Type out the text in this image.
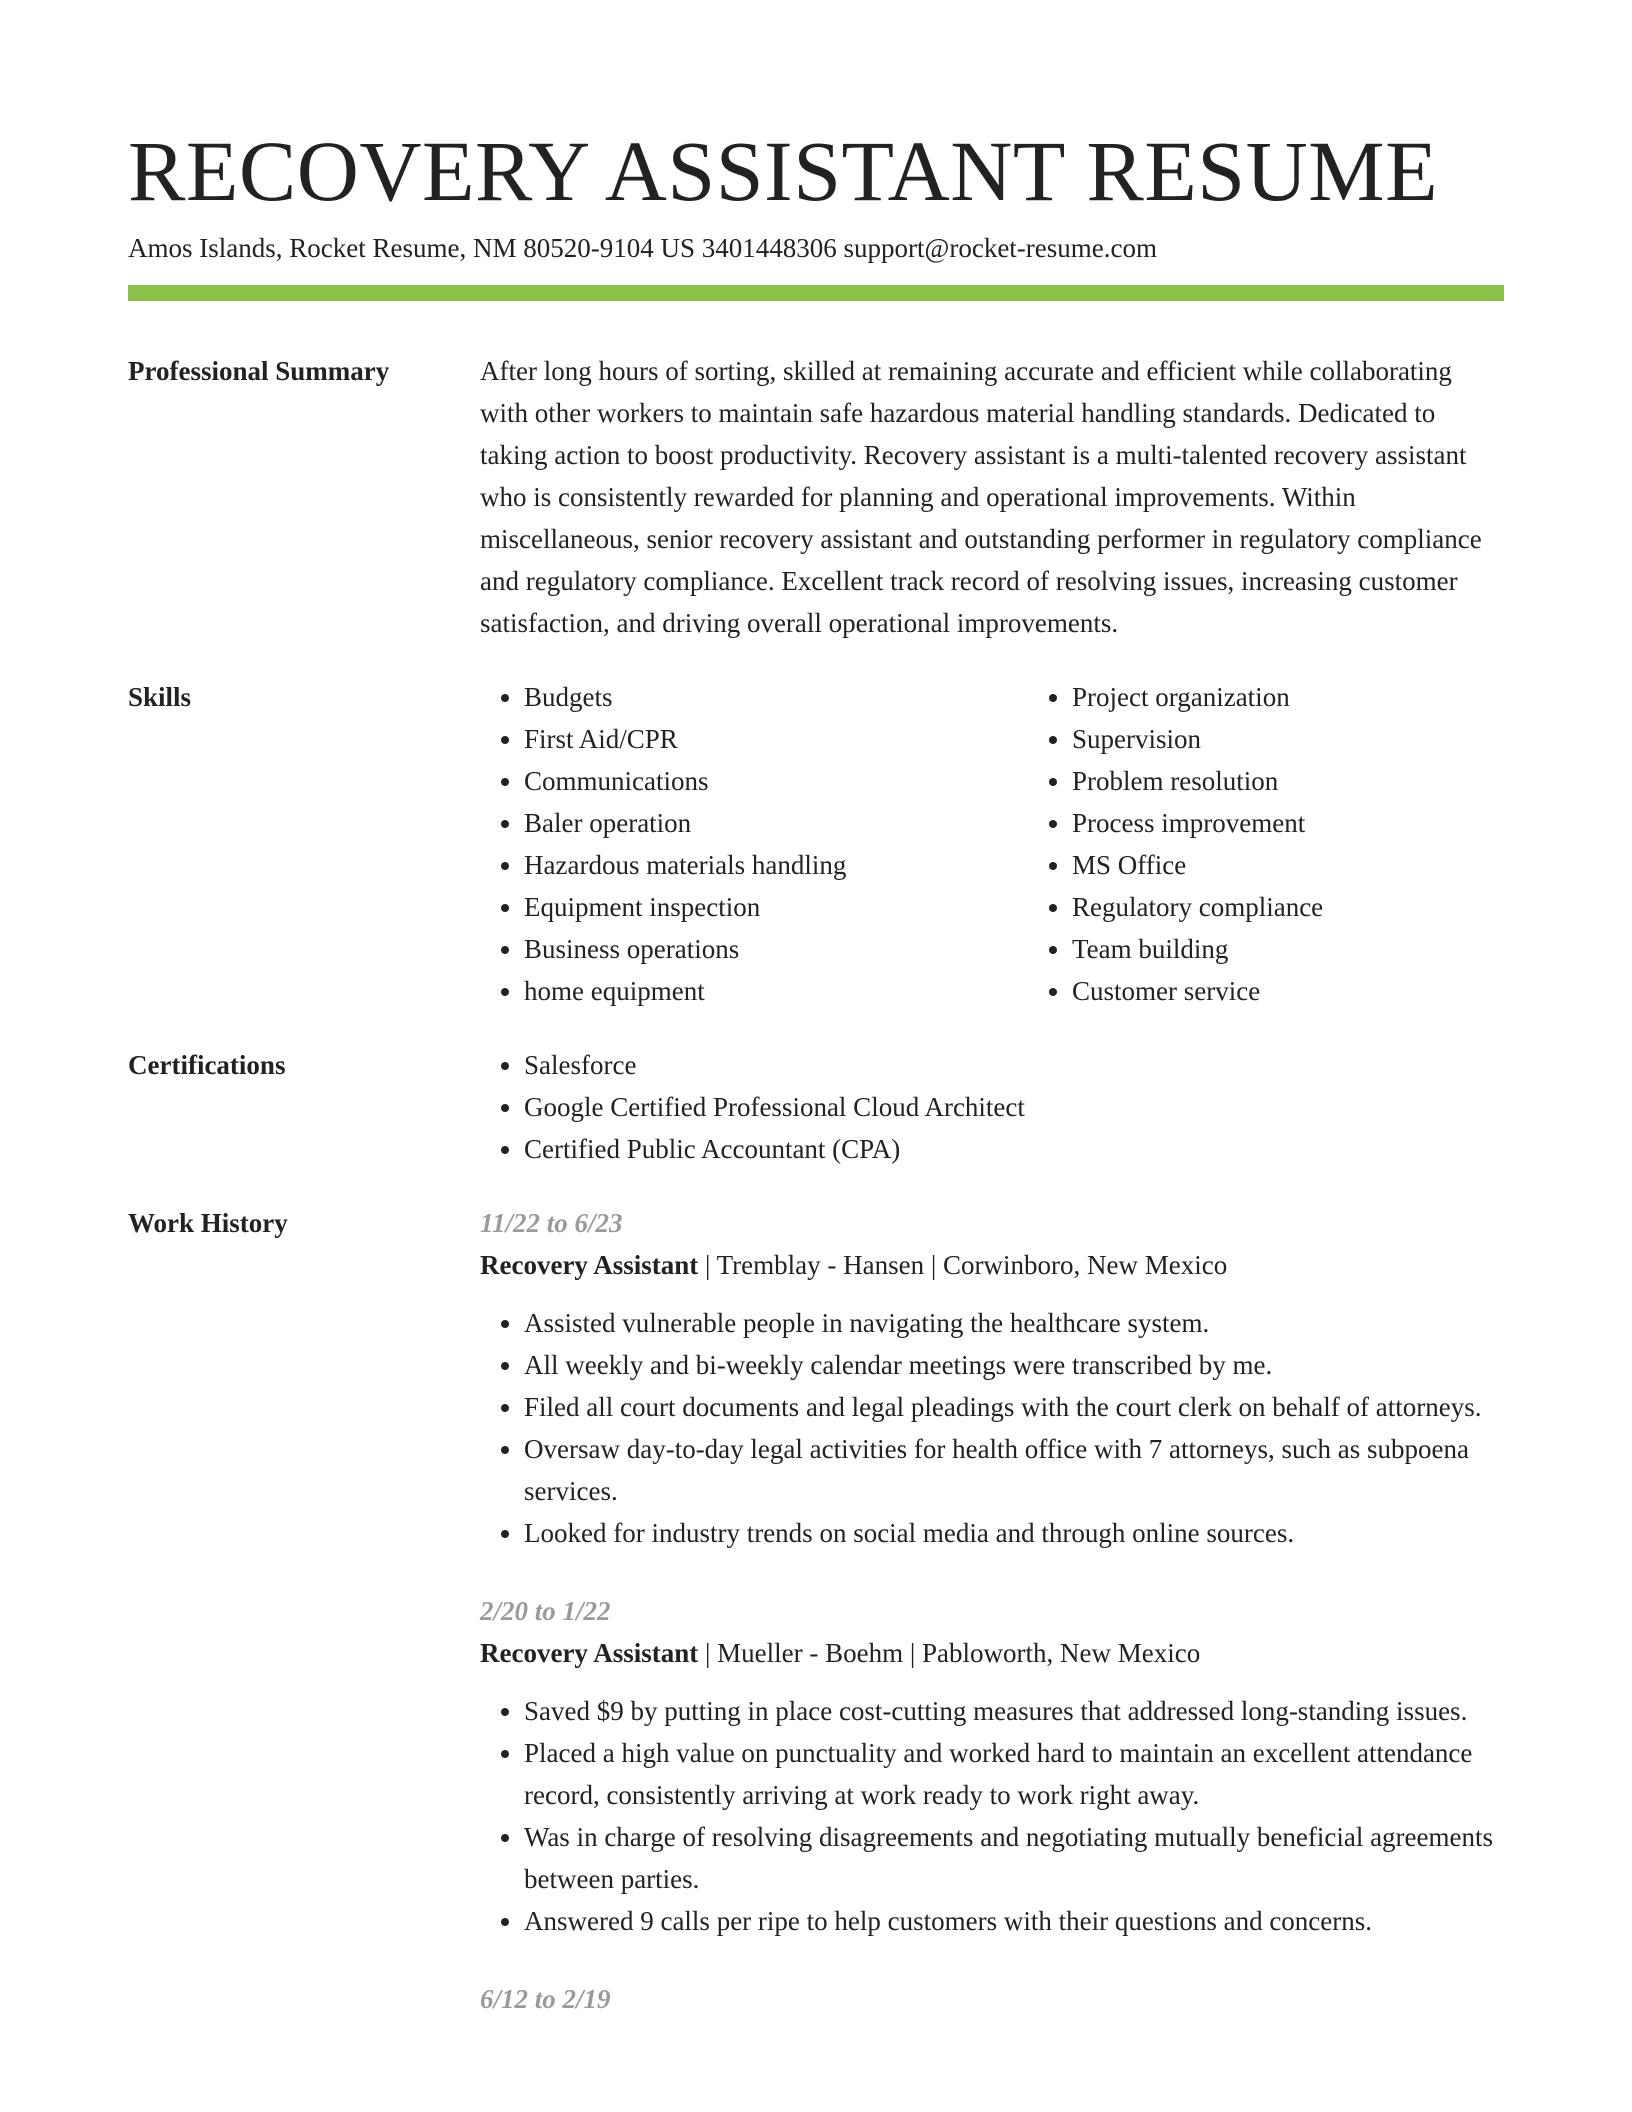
RECOVERY ASSISTANT RESUME
Amos Islands, Rocket Resume, NM 80520-9104 US 3401448306 support@rocket-resume.com
Professional Summary	After long hours of sorting, skilled at remaining accurate and efficient while collaborating with other workers to maintain safe hazardous material handling standards. Dedicated to taking action to boost productivity. Recovery assistant is a multi-talented recovery assistant who is consistently rewarded for planning and operational improvements. Within miscellaneous, senior recovery assistant and outstanding performer in regulatory compliance and regulatory compliance. Excellent track record of resolving issues, increasing customer satisfaction, and driving overall operational improvements.

Skills	• Budgets
• First Aid/CPR
• Communications
• Baler operation
• Hazardous materials handling
• Equipment inspection
• Business operations
• home equipment
• Project organization
• Supervision
• Problem resolution
• Process improvement
• MS Office
• Regulatory compliance
• Team building
• Customer service
Certifications	• Salesforce
• Google Certified Professional Cloud Architect
• Certified Public Accountant (CPA)
Work History	11/22 to 6/23
Recovery Assistant | Tremblay - Hansen | Corwinboro, New Mexico
• Assisted vulnerable people in navigating the healthcare system.
• All weekly and bi-weekly calendar meetings were transcribed by me.
• Filed all court documents and legal pleadings with the court clerk on behalf of attorneys.
• Oversaw day-to-day legal activities for health office with 7 attorneys, such as subpoena services.
• Looked for industry trends on social media and through online sources.
2/20 to 1/22
Recovery Assistant | Mueller - Boehm | Pabloworth, New Mexico
• Saved $9 by putting in place cost-cutting measures that addressed long-standing issues.
• Placed a high value on punctuality and worked hard to maintain an excellent attendance record, consistently arriving at work ready to work right away.
• Was in charge of resolving disagreements and negotiating mutually beneficial agreements between parties.
• Answered 9 calls per ripe to help customers with their questions and concerns.
6/12 to 2/19
